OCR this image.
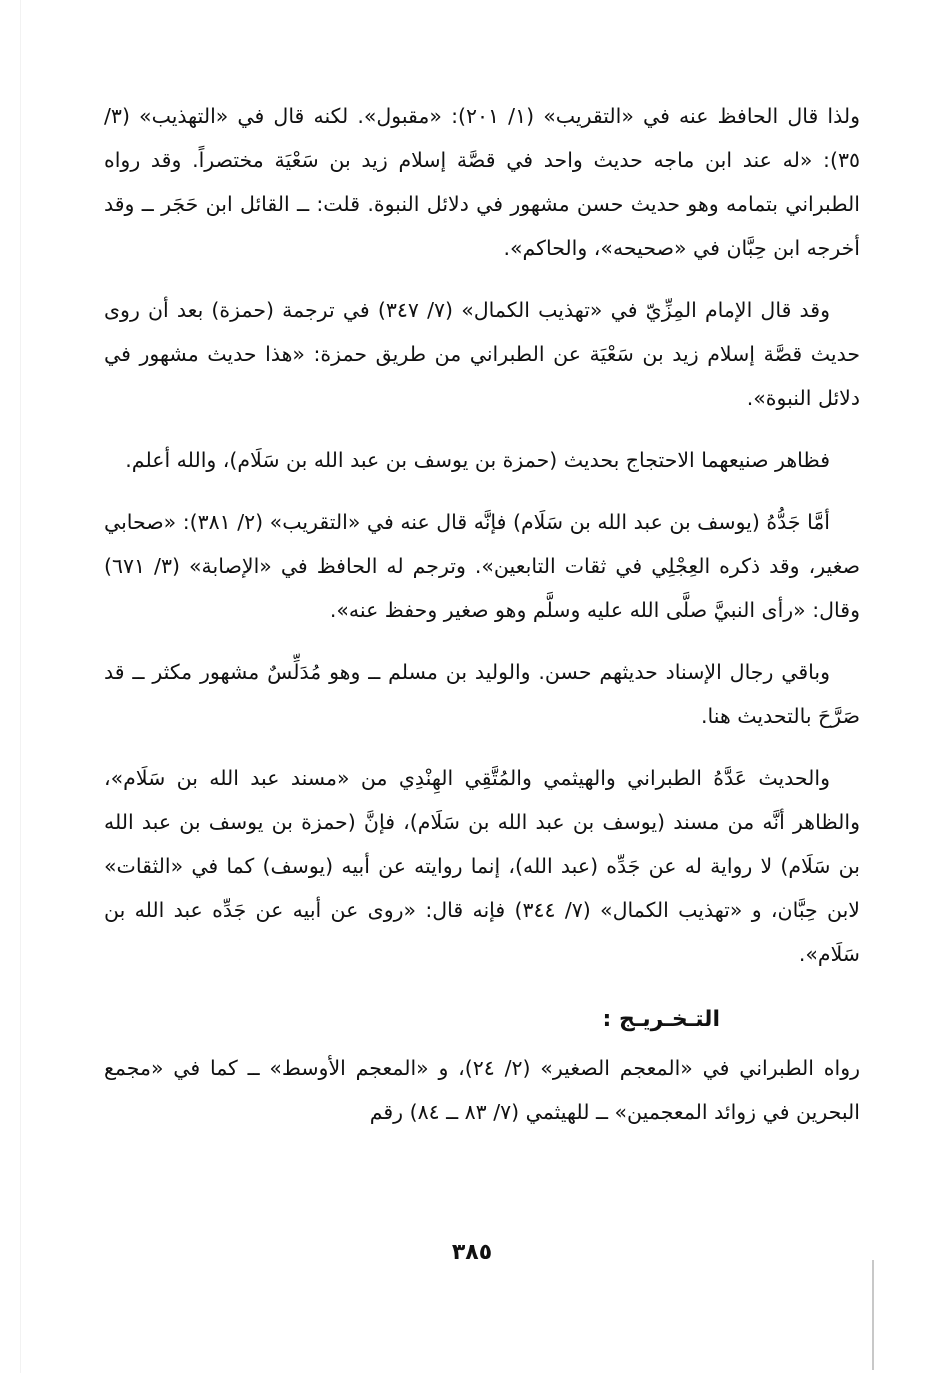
ولذا قال الحافظ عنه في «التقريب» (١/ ٢٠١): «مقبول». لكنه قال في «التهذيب» (٣/ ٣٥): «له عند ابن ماجه حديث واحد في قصَّة إسلام زيد بن سَعْيَة مختصراً. وقد رواه الطبراني بتمامه وهو حديث حسن مشهور في دلائل النبوة. قلت: ــ القائل ابن حَجَر ــ وقد أخرجه ابن حِبَّان في «صحيحه»، والحاكم».

وقد قال الإمام المِزِّيّ في «تهذيب الكمال» (٧/ ٣٤٧) في ترجمة (حمزة) بعد أن روى حديث قصَّة إسلام زيد بن سَعْيَة عن الطبراني من طريق حمزة: «هذا حديث مشهور في دلائل النبوة».

فظاهر صنيعهما الاحتجاج بحديث (حمزة بن يوسف بن عبد الله بن سَلَام)، والله أعلم.

أمَّا جَدُّهُ (يوسف بن عبد الله بن سَلَام) فإنَّه قال عنه في «التقريب» (٢/ ٣٨١): «صحابي صغير، وقد ذكره العِجْلِي في ثقات التابعين». وترجم له الحافظ في «الإصابة» (٣/ ٦٧١) وقال: «رأى النبيَّ صلَّى الله عليه وسلَّم وهو صغير وحفظ عنه».

وباقي رجال الإسناد حديثهم حسن. والوليد بن مسلم ــ وهو مُدَلِّسٌ مشهور مكثر ــ قد صَرَّحَ بالتحديث هنا.

والحديث عَدَّهُ الطبراني والهيثمي والمُتَّقِي الهِنْدِي من «مسند عبد الله بن سَلَام»، والظاهر أنَّه من مسند (يوسف بن عبد الله بن سَلَام)، فإنَّ (حمزة بن يوسف بن عبد الله بن سَلَام) لا رواية له عن جَدِّه (عبد الله)، إنما روايته عن أبيه (يوسف) كما في «الثقات» لابن حِبَّان، و «تهذيب الكمال» (٧/ ٣٤٤) فإنه قال: «روى عن أبيه عن جَدِّه عبد الله بن سَلَام».

التـخـريـج :

رواه الطبراني في «المعجم الصغير» (٢/ ٢٤)، و «المعجم الأوسط» ــ كما في «مجمع البحرين في زوائد المعجمين» ــ للهيثمي (٧/ ٨٣ ــ ٨٤) رقم

٣٨٥
